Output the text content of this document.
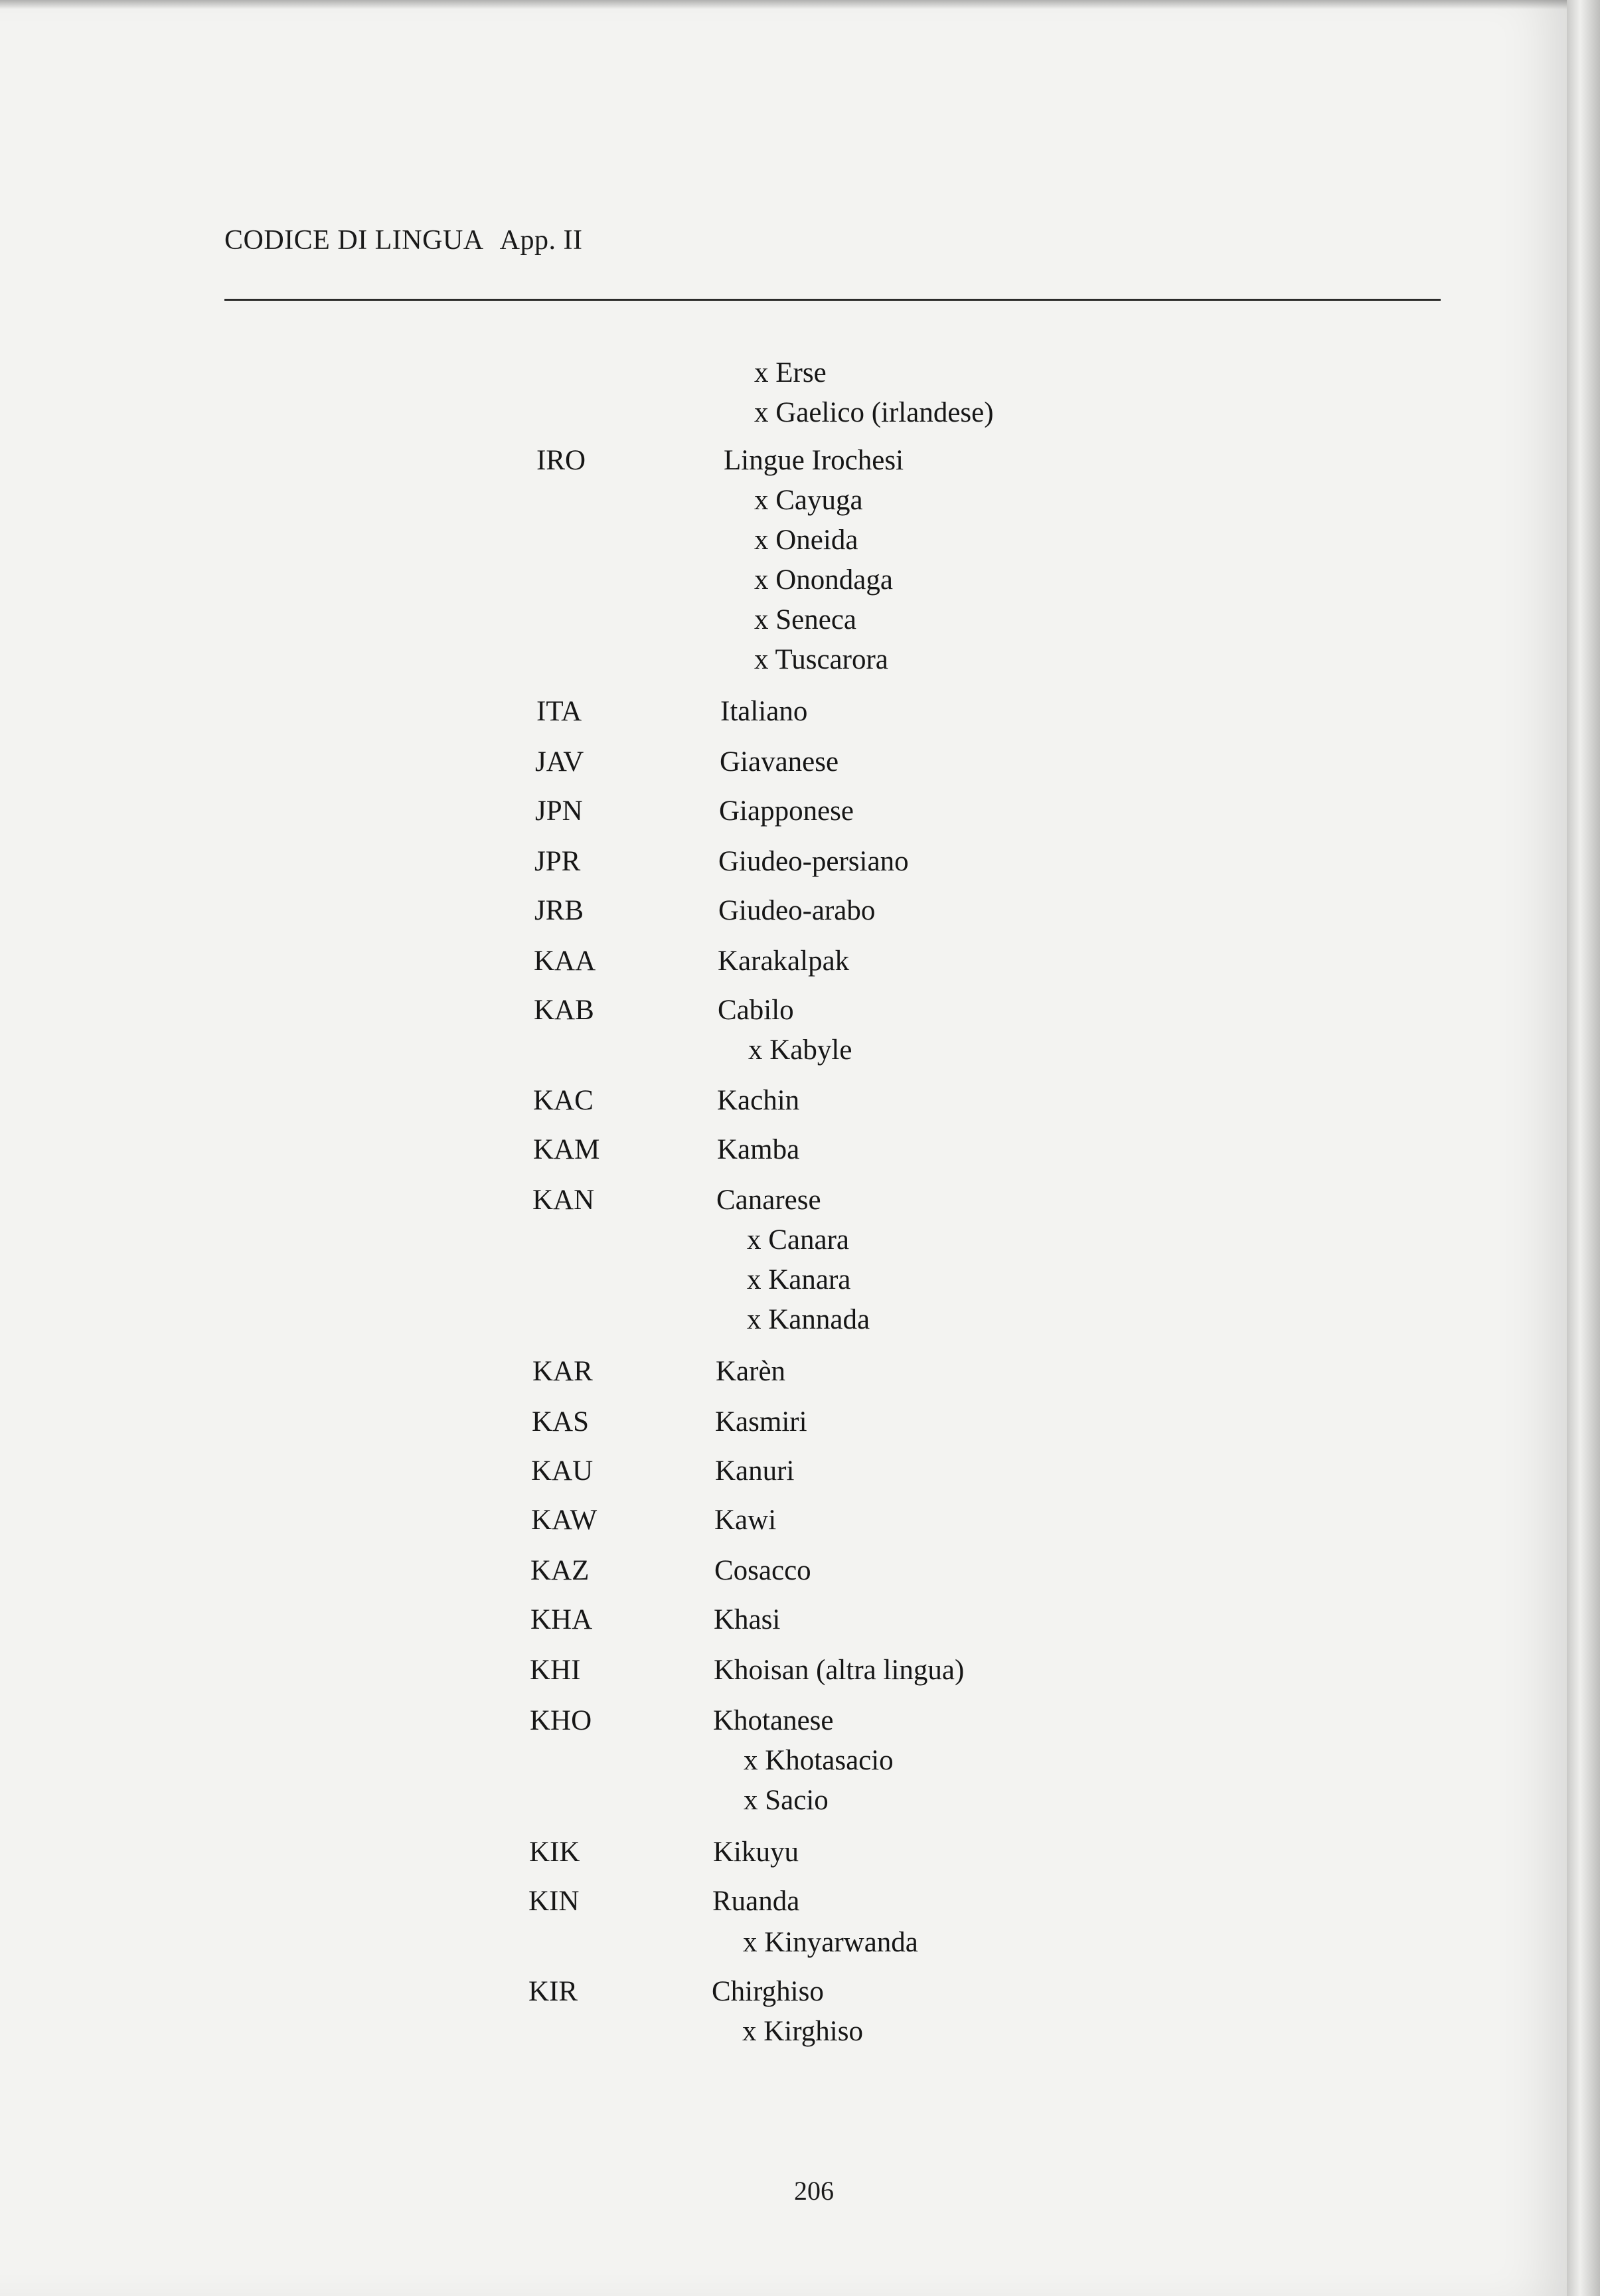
CODICE DI LINGUA App. II
x Erse
x Gaelico (irlandese)
IRO	Lingue Irochesi
x Cayuga
x Oneida
x Onondaga
x Seneca
x Tuscarora
ITA	Italiano
JAV	Giavanese
JPN	Giapponese
JPR	Giudeo-persiano
JRB	Giudeo-arabo
KAA	Karakalpak
KAB	Cabilo
x Kabyle
KAC	Kachin
KAM	Kamba
KAN	Canarese
x Canara
x Kanara
x Kannada
KAR	Karèn
KAS	Kasmiri
KAU	Kanuri
KAW	Kawi
KAZ	Cosacco
KHA	Khasi
KHI	Khoisan (altra lingua)
KHO	Khotanese
x Khotasacio
x Sacio
KIK	Kikuyu
KIN	Ruanda
x Kinyarwanda
KIR	Chirghiso
x Kirghiso
206
